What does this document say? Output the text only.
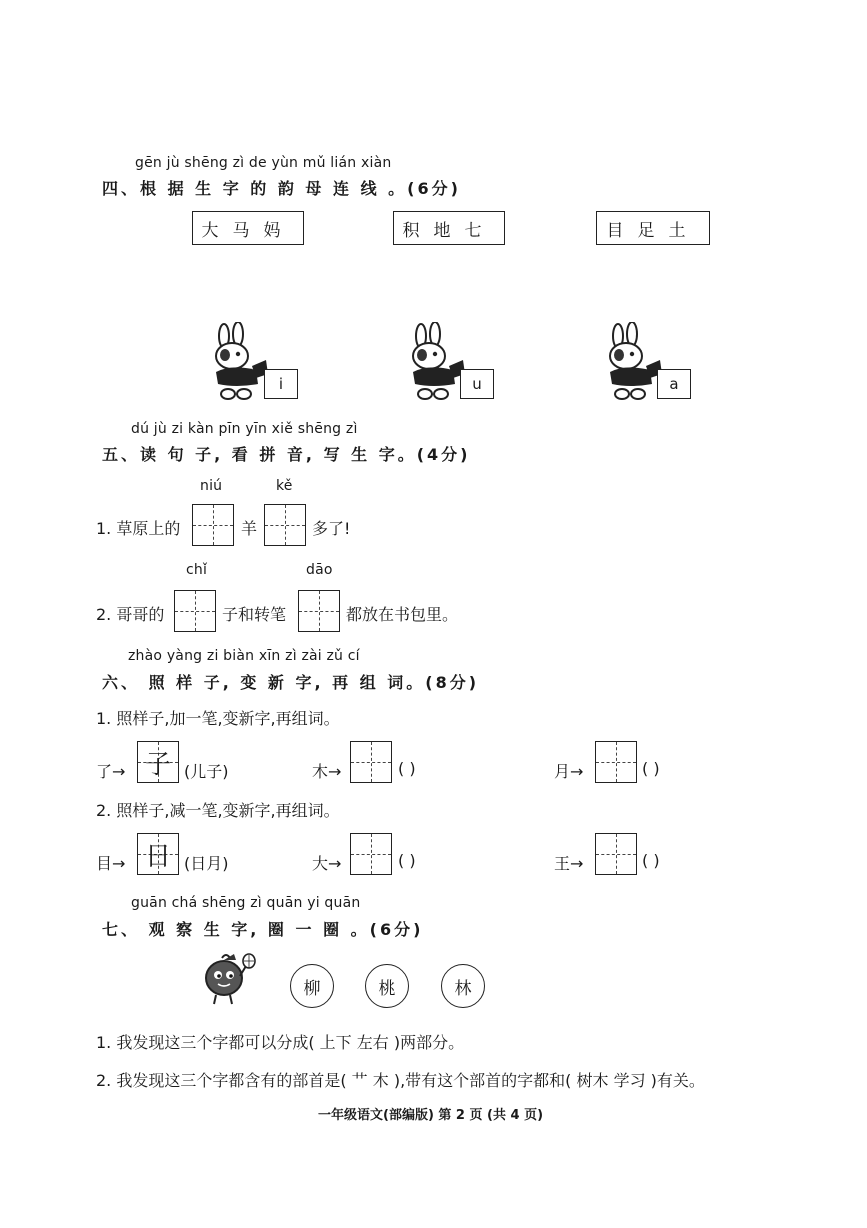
gēn jù shēng zì de yùn mǔ lián xiàn
四、根 据 生 字 的 韵 母 连 线 。(6分)
大马妈	积地七	目足土
i	u	a
dú jù zi kàn pīn yīn xiě shēng zì
五、读 句 子, 看 拼 音, 写 生 字。(4分)
niú	kě
1. 草原上的	羊	多了!
chǐ	dāo
2. 哥哥的	子和转笔	都放在书包里。
zhào yàng zi biàn xīn zì zài zǔ cí
六、 照 样 子, 变 新 字, 再 组 词。(8分)
1. 照样子,加一笔,变新字,再组词。
了→ 子 (儿子)	木→	( )	月→	( )
2. 照样子,减一笔,变新字,再组词。
目→ 日 (日月)	大→	( )	王→	( )
guān chá shēng zì quān yi quān
七、 观 察 生 字, 圈 一 圈 。(6分)
柳	桃	林
1. 我发现这三个字都可以分成( 上下 左右 )两部分。
2. 我发现这三个字都含有的部首是( 艹 木 ),带有这个部首的字都和( 树木 学习 )有关。
一年级语文(部编版) 第 2 页 (共 4 页)
